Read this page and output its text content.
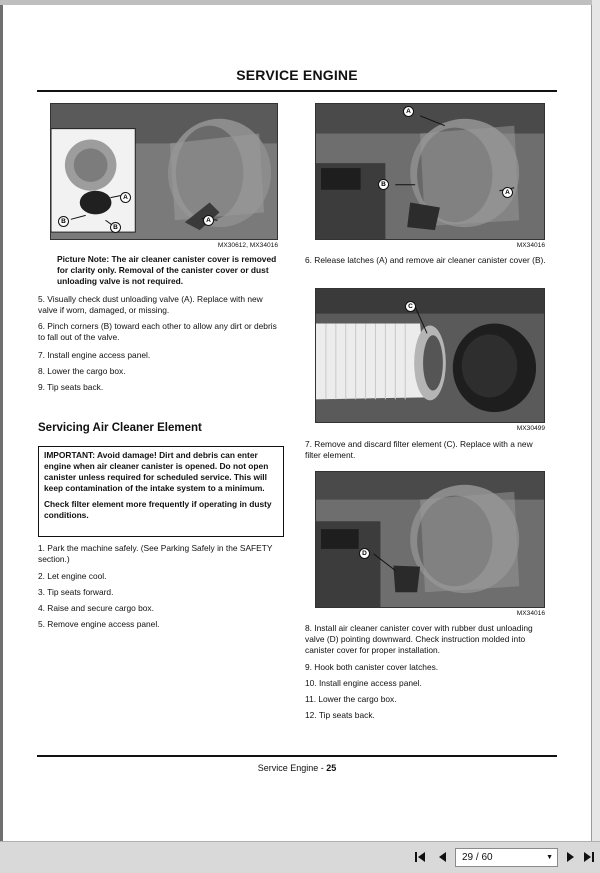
SERVICE ENGINE
A
B
B
A
MX30612, MX34016
Picture Note: The air cleaner canister cover is removed for clarity only. Removal of the canister cover or dust unloading valve is not required.
5. Visually check dust unloading valve (A). Replace with new valve if worn, damaged, or missing.
6. Pinch corners (B) toward each other to allow any dirt or debris to fall out of the valve.
7. Install engine access panel.
8. Lower the cargo box.
9. Tip seats back.
Servicing Air Cleaner Element

IMPORTANT: Avoid damage! Dirt and debris can enter engine when air cleaner canister is opened. Do not open canister unless required for scheduled service. This will keep contamination of the intake system to a minimum.

Check filter element more frequently if operating in dusty conditions.

1. Park the machine safely. (See Parking Safely in the SAFETY section.)
2. Let engine cool.
3. Tip seats forward.
4. Raise and secure cargo box.
5. Remove engine access panel.
A
B
A
MX34016
6. Release latches (A) and remove air cleaner canister cover (B).
C
MX30499
7. Remove and discard filter element (C). Replace with a new filter element.
D
MX34016
8. Install air cleaner canister cover with rubber dust unloading valve (D) pointing downward. Check instruction molded into canister cover for proper installation.
9. Hook both canister cover latches.
10. Install engine access panel.
11. Lower the cargo box.
12. Tip seats back.
Service Engine - 25
29 / 60	▼
